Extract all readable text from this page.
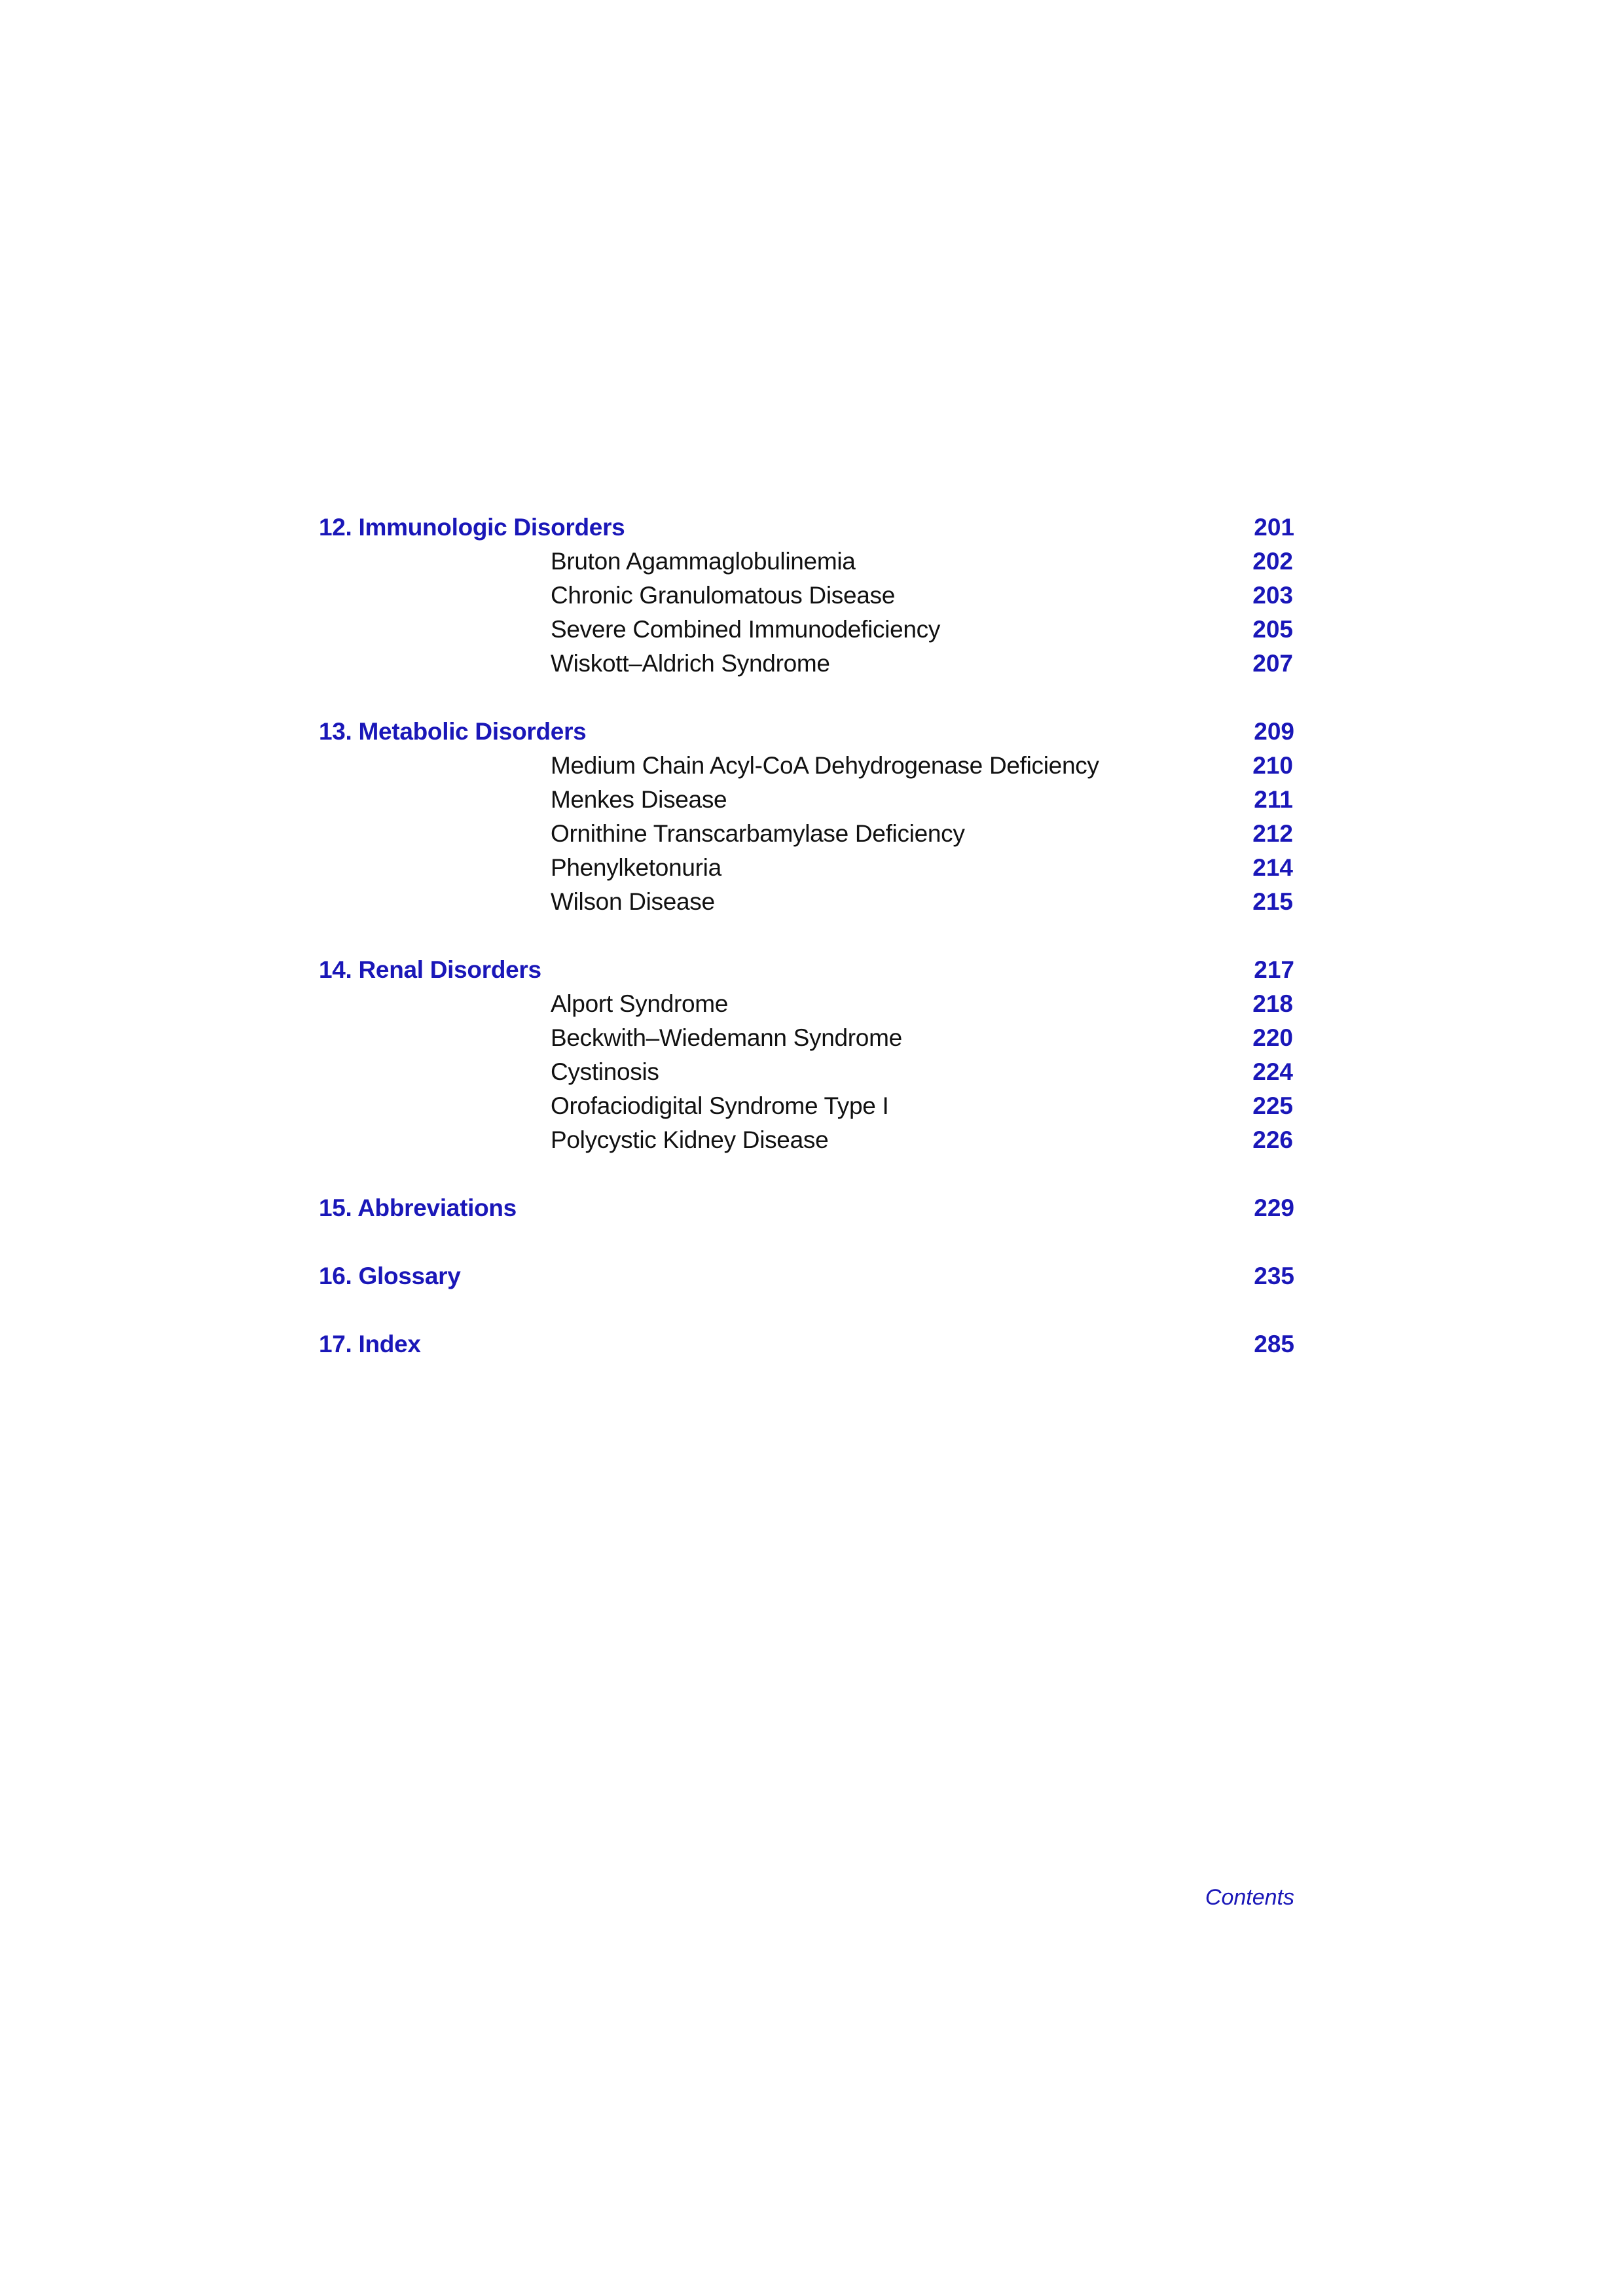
12. Immunologic Disorders	201
Bruton Agammaglobulinemia	202
Chronic Granulomatous Disease	203
Severe Combined Immunodeficiency	205
Wiskott–Aldrich Syndrome	207
13. Metabolic Disorders	209
Medium Chain Acyl-CoA Dehydrogenase Deficiency	210
Menkes Disease	211
Ornithine Transcarbamylase Deficiency	212
Phenylketonuria	214
Wilson Disease	215
14. Renal Disorders	217
Alport Syndrome	218
Beckwith–Wiedemann Syndrome	220
Cystinosis	224
Orofaciodigital Syndrome Type I	225
Polycystic Kidney Disease	226
15. Abbreviations	229
16. Glossary	235
17. Index	285
Contents
